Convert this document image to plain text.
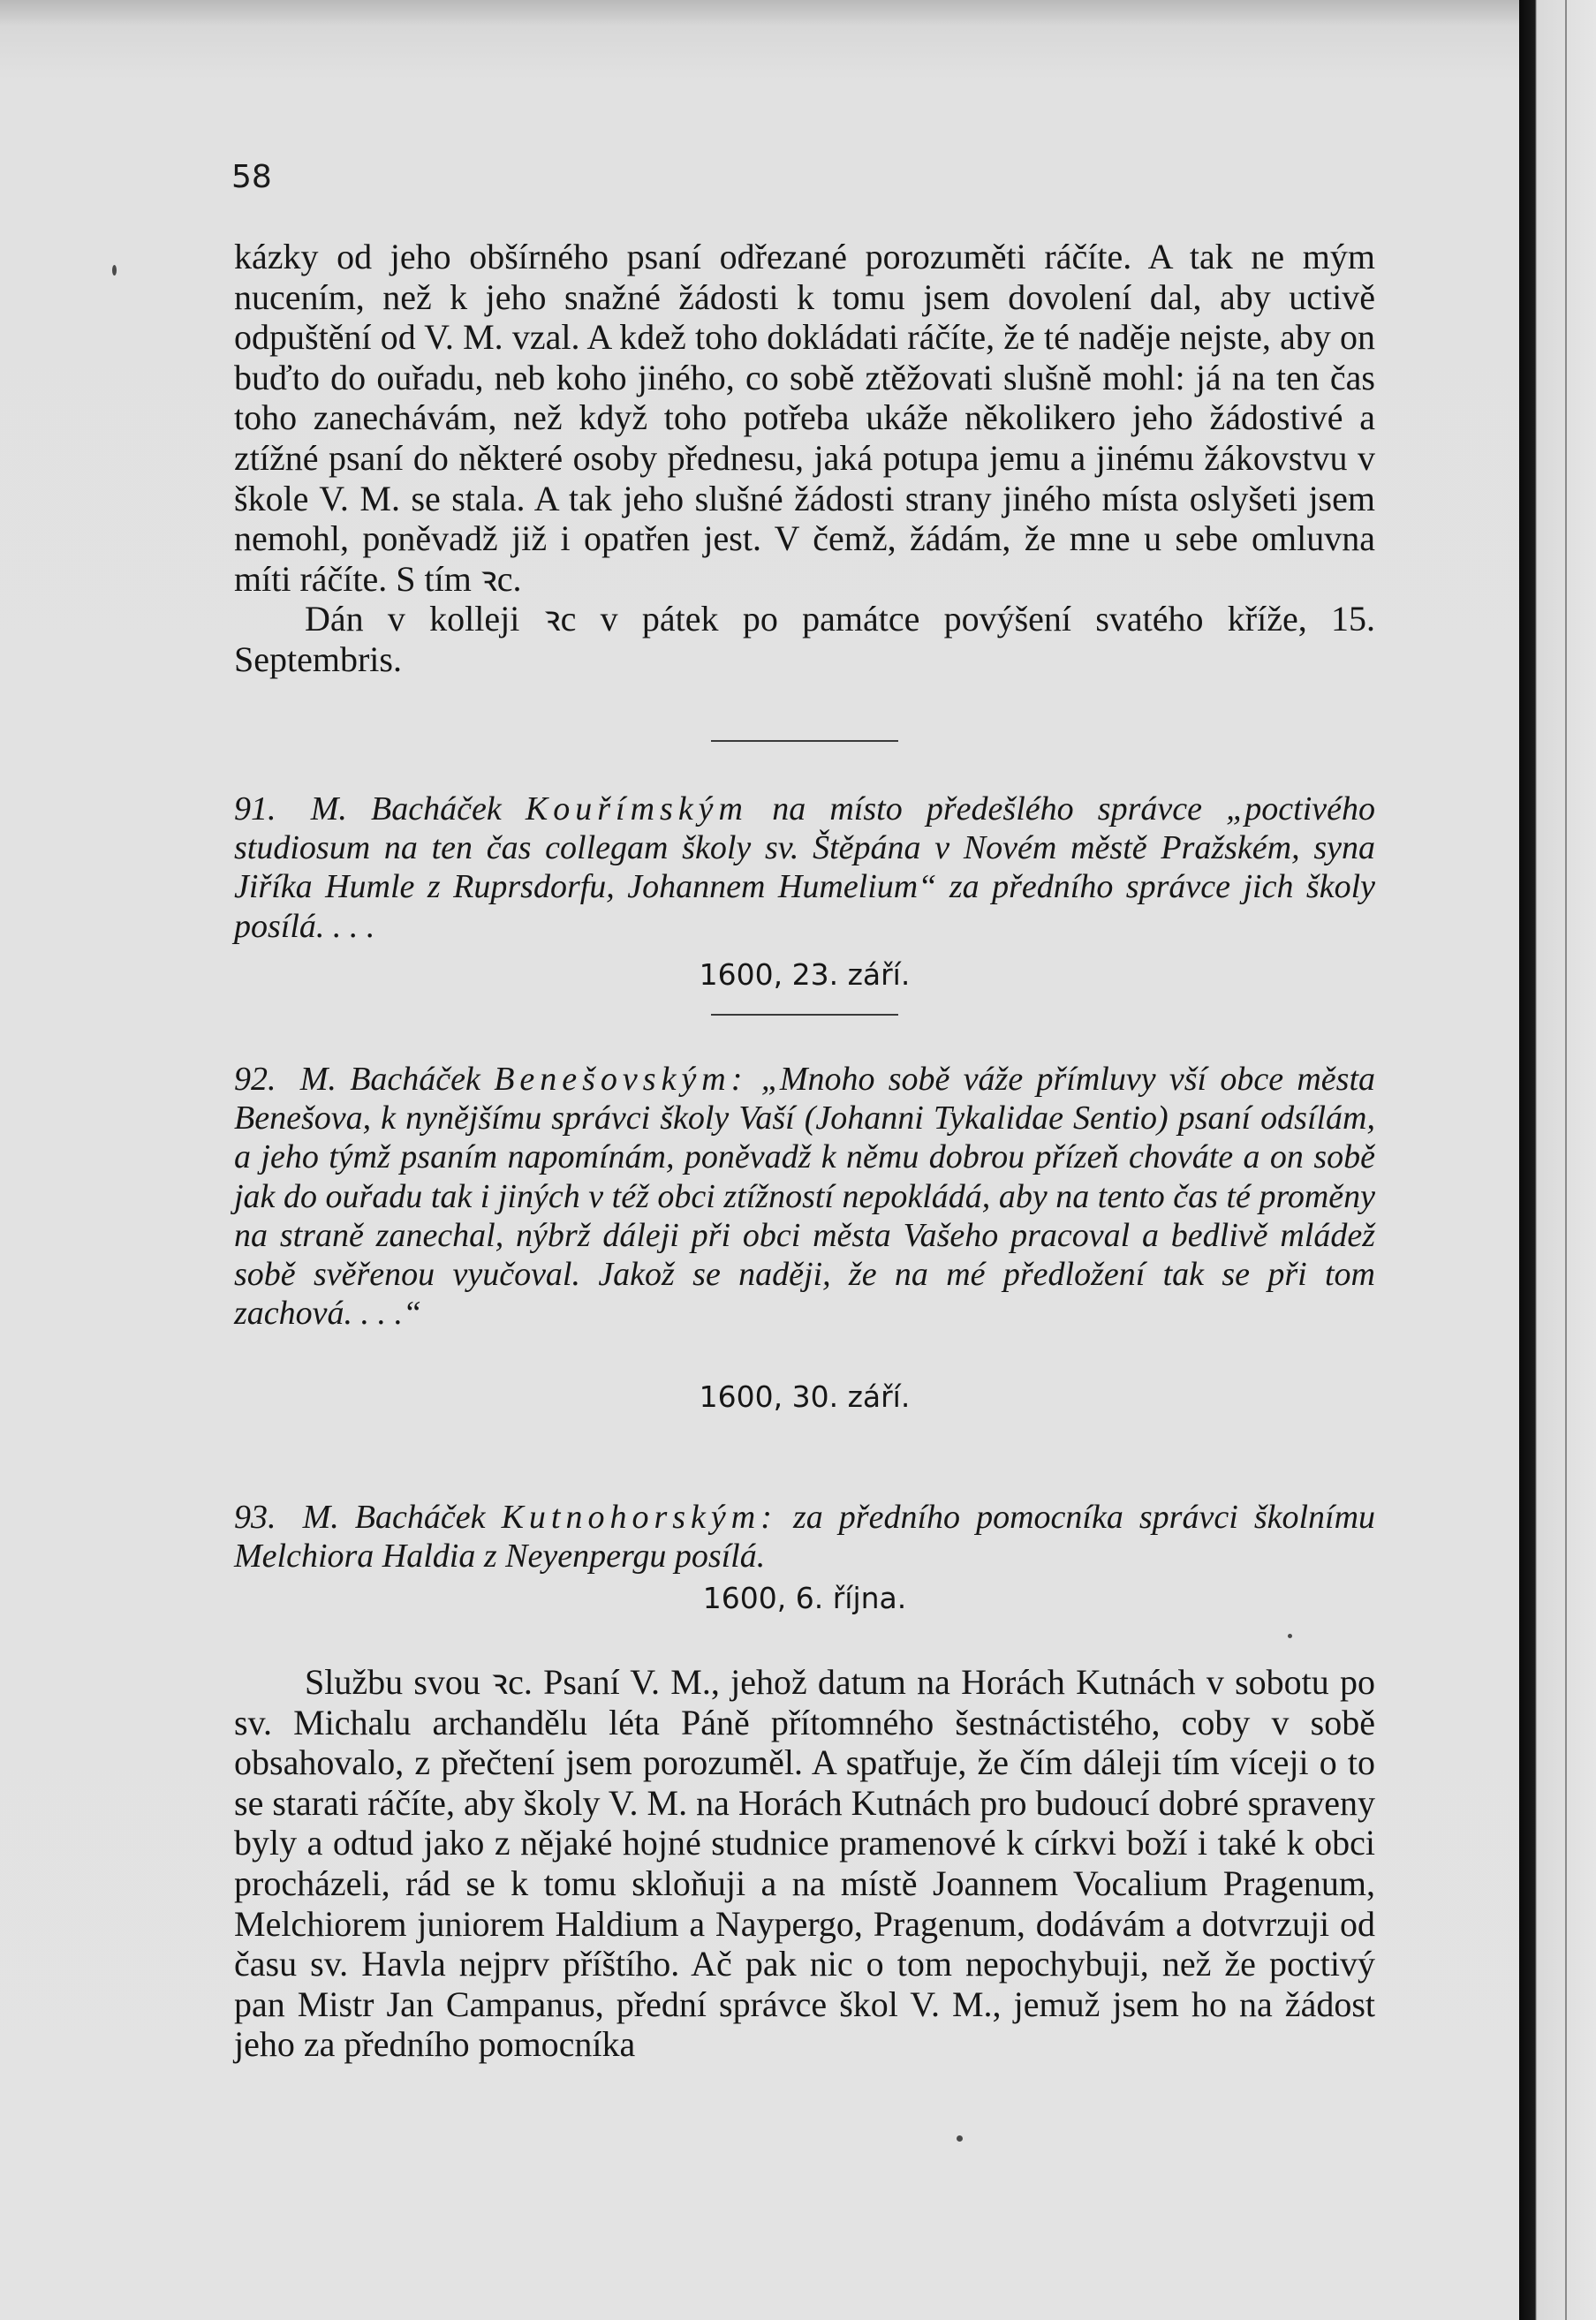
58

kázky od jeho obšírného psaní odřezané porozuměti ráčíte. A tak ne mým nucením, než k jeho snažné žádosti k tomu jsem dovolení dal, aby uctivě odpuštění od V. M. vzal. A kdež toho dokládati ráčíte, že té naděje nejste, aby on buďto do ouřadu, neb koho jiného, co sobě ztěžovati slušně mohl: já na ten čas toho zanechávám, než když toho potřeba ukáže několikero jeho žádostivé a ztížné psaní do některé osoby přednesu, jaká potupa jemu a jinému žákovstvu v škole V. M. se stala. A tak jeho slušné žádosti strany jiného místa oslyšeti jsem nemohl, poněvadž již i opatřen jest. V čemž, žádám, že mne u sebe omluvna míti ráčíte. S tím ꝛc.

Dán v kolleji ꝛc v pátek po památce povýšení svatého kříže, 15. Septembris.

91. M. Bacháček Kouřímským na místo předešlého správce „poctivého studiosum na ten čas collegam školy sv. Štěpána v Novém městě Pražském, syna Jiříka Humle z Ruprsdorfu, Johannem Humelium“ za předního správce jich školy posílá. . . .
1600, 23. září.
92. M. Bacháček Benešovským: „Mnoho sobě váže přímluvy vší obce města Benešova, k nynějšímu správci školy Vaší (Johanni Tykalidae Sentio) psaní odsílám, a jeho týmž psaním napomínám, poněvadž k němu dobrou přízeň chováte a on sobě jak do ouřadu tak i jiných v též obci ztížností nepokládá, aby na tento čas té proměny na straně zanechal, nýbrž dáleji při obci města Vašeho pracoval a bedlivě mládež sobě svěřenou vyučoval. Jakož se naději, že na mé předložení tak se při tom zachová. . . .“
1600, 30. září.
93. M. Bacháček Kutnohorským: za předního pomocníka správci školnímu Melchiora Haldia z Neyenpergu posílá.
1600, 6. října.

Službu svou ꝛc. Psaní V. M., jehož datum na Horách Kutnách v sobotu po sv. Michalu archandělu léta Páně přítomného šestnáctistého, coby v sobě obsahovalo, z přečtení jsem porozuměl. A spatřuje, že čím dáleji tím víceji o to se starati ráčíte, aby školy V. M. na Horách Kutnách pro budoucí dobré spraveny byly a odtud jako z nějaké hojné studnice pramenové k církvi boží i také k obci procházeli, rád se k tomu skloňuji a na místě Joannem Vocalium Pragenum, Melchiorem juniorem Haldium a Naypergo, Pragenum, dodávám a dotvrzuji od času sv. Havla nejprv příštího. Ač pak nic o tom nepochybuji, než že poctivý pan Mistr Jan Campanus, přední správce škol V. M., jemuž jsem ho na žádost jeho za předního pomocníka
